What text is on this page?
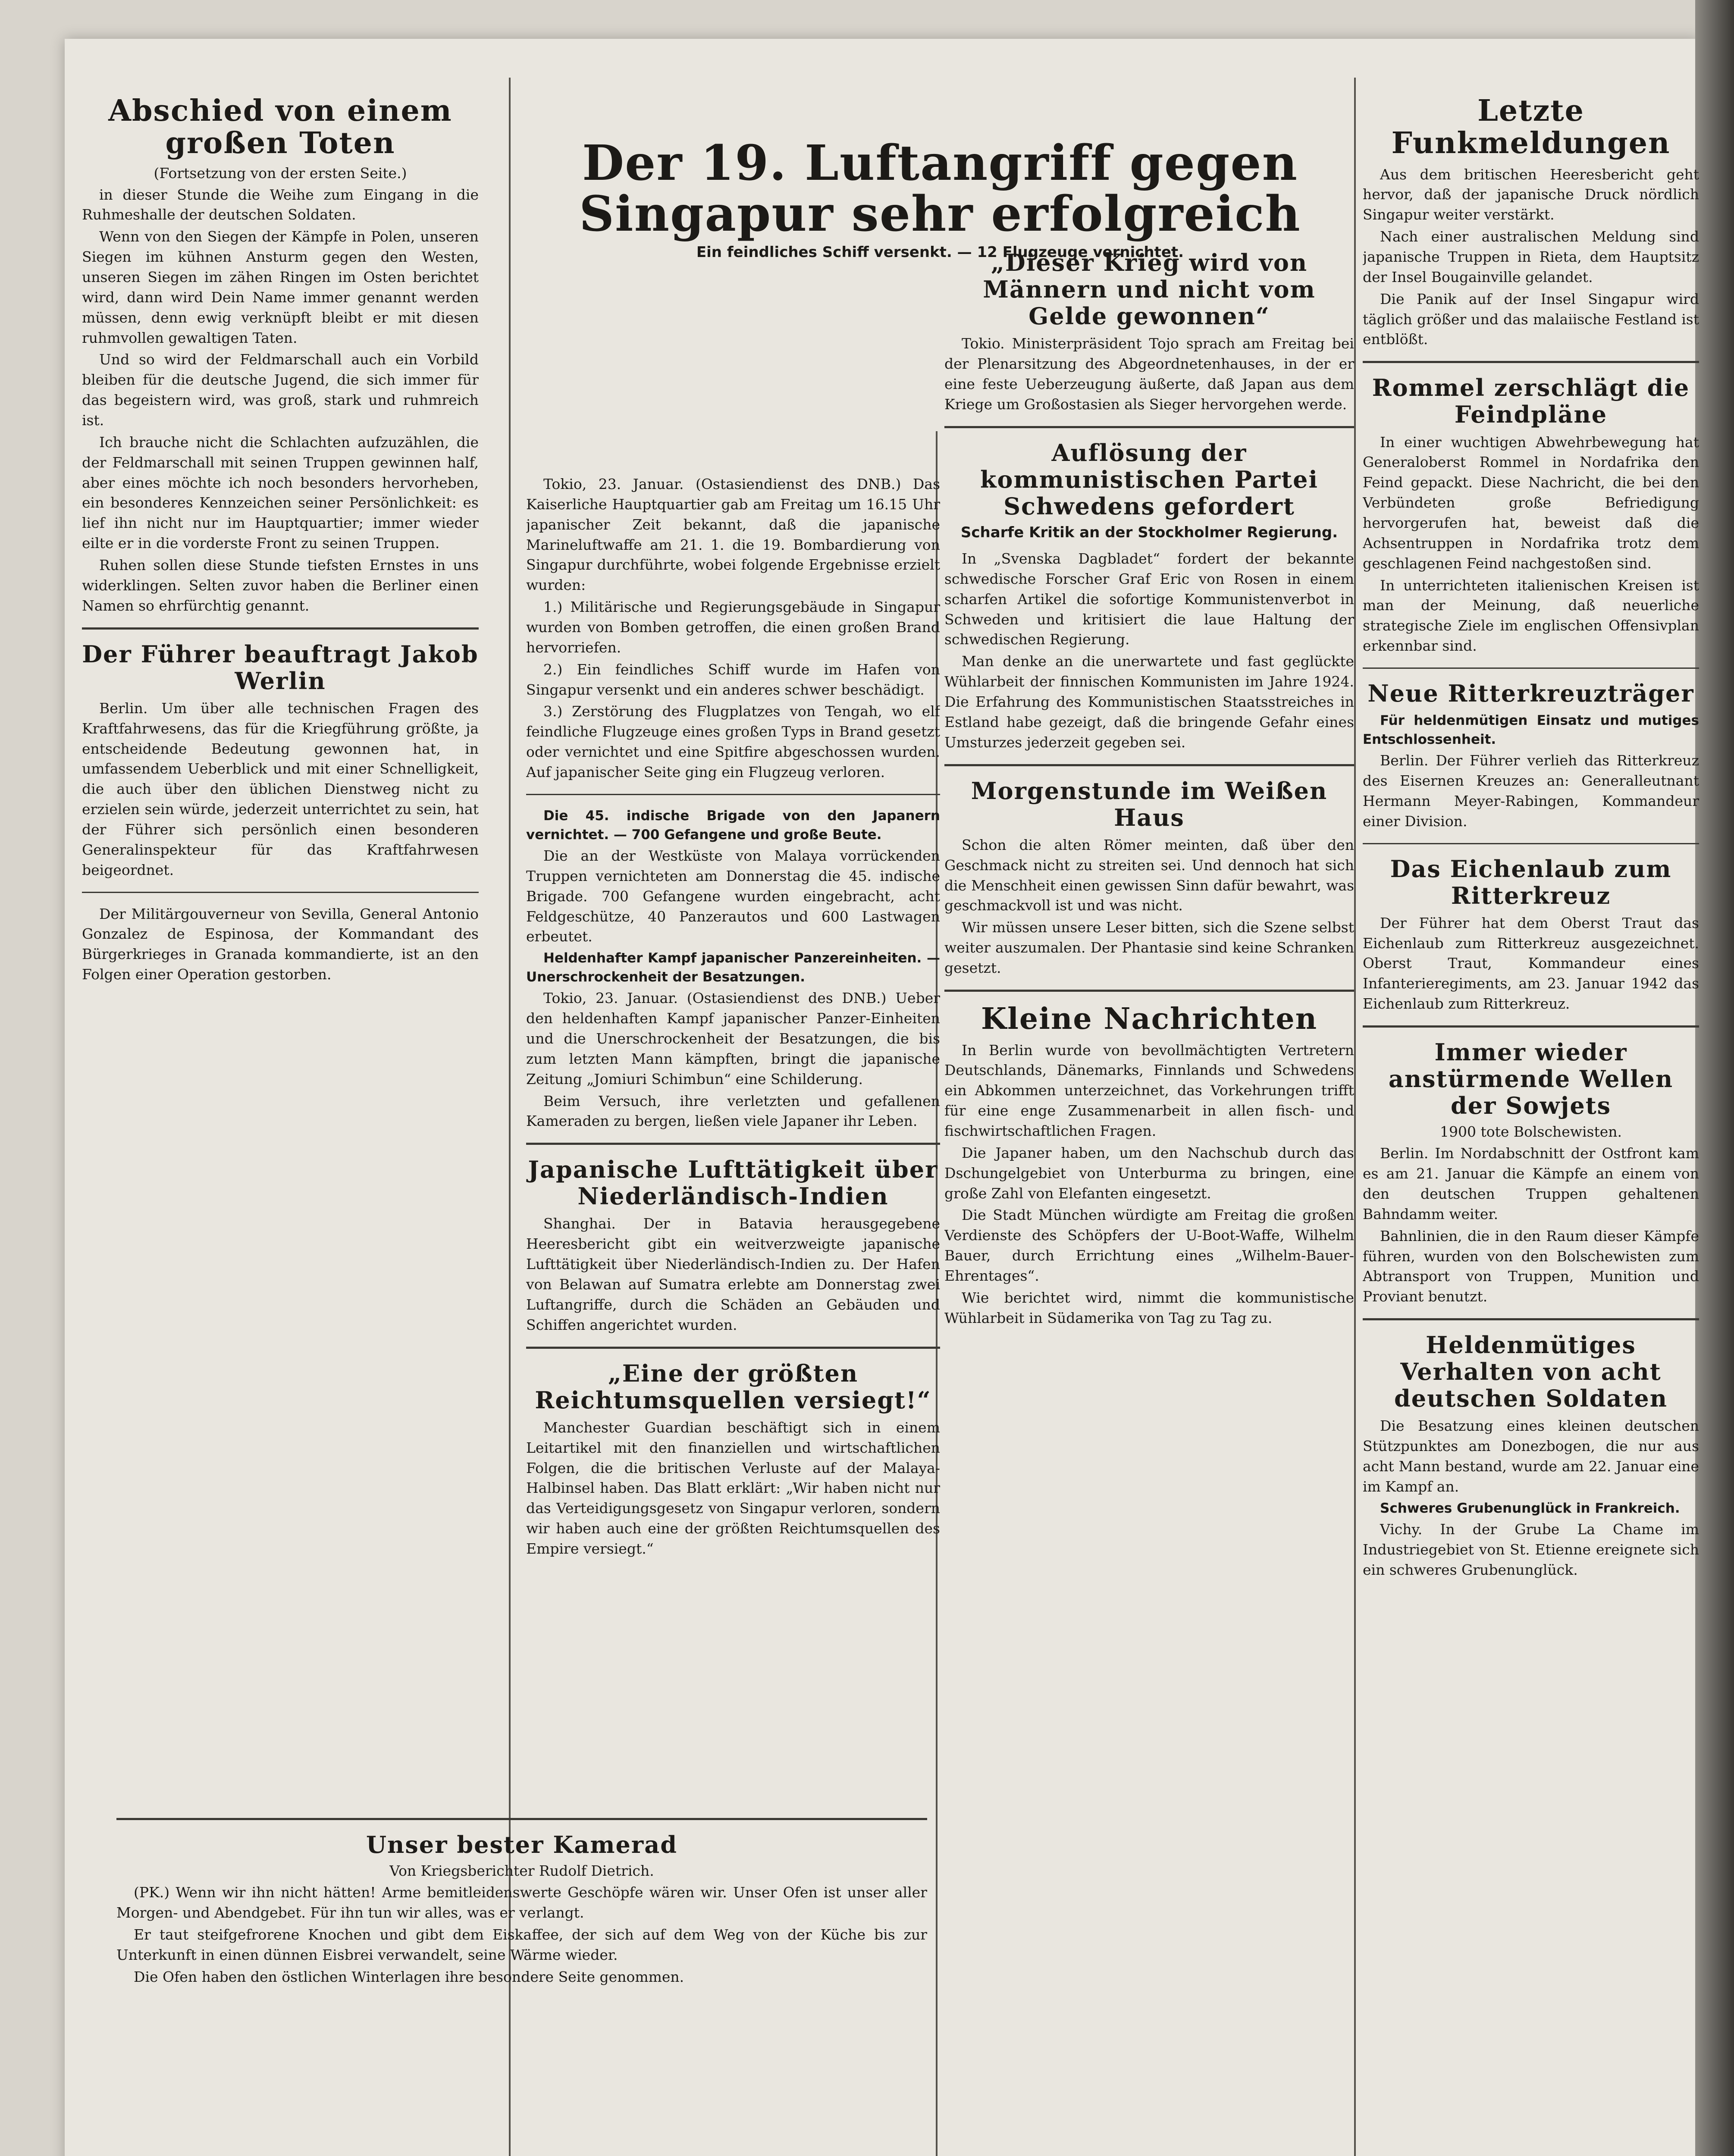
Abschied von einem großen Toten
(Fortsetzung von der ersten Seite.)

in dieser Stunde die Weihe zum Eingang in die Ruhmeshalle der deutschen Soldaten.

Wenn von den Siegen der Kämpfe in Polen, unseren Siegen im kühnen Ansturm gegen den Westen, unseren Siegen im zähen Ringen im Osten berichtet wird, dann wird Dein Name immer genannt werden müssen, denn ewig verknüpft bleibt er mit diesen ruhmvollen gewaltigen Taten.

Und so wird der Feldmarschall auch ein Vorbild bleiben für die deutsche Jugend, die sich immer für das begeistern wird, was groß, stark und ruhmreich ist.

Ich brauche nicht die Schlachten aufzuzählen, die der Feldmarschall mit seinen Truppen gewinnen half, aber eines möchte ich noch besonders hervorheben, ein besonderes Kennzeichen seiner Persönlichkeit: es lief ihn nicht nur im Hauptquartier; immer wieder eilte er in die vorderste Front zu seinen Truppen.

Ruhen sollen diese Stunde tiefsten Ernstes in uns widerklingen. Selten zuvor haben die Berliner einen Namen so ehrfürchtig genannt.

Der Führer beauftragt Jakob Werlin

Berlin. Um über alle technischen Fragen des Kraftfahrwesens, das für die Kriegführung größte, ja entscheidende Bedeutung gewonnen hat, in umfassendem Ueberblick und mit einer Schnelligkeit, die auch über den üblichen Dienstweg nicht zu erzielen sein würde, jederzeit unterrichtet zu sein, hat der Führer sich persönlich einen besonderen Generalinspekteur für das Kraftfahrwesen beigeordnet.

Der Militärgouverneur von Sevilla, General Antonio Gonzalez de Espinosa, der Kommandant des Bürgerkrieges in Granada kommandierte, ist an den Folgen einer Operation gestorben.

Der 19. Luftangriff gegen Singapur sehr erfolgreich
Ein feindliches Schiff versenkt. — 12 Flugzeuge vernichtet.

Tokio, 23. Januar. (Ostasiendienst des DNB.) Das Kaiserliche Hauptquartier gab am Freitag um 16.15 Uhr japanischer Zeit bekannt, daß die japanische Marineluftwaffe am 21. 1. die 19. Bombardierung von Singapur durchführte, wobei folgende Ergebnisse erzielt wurden:

1.) Militärische und Regierungsgebäude in Singapur wurden von Bomben getroffen, die einen großen Brand hervorriefen.

2.) Ein feindliches Schiff wurde im Hafen von Singapur versenkt und ein anderes schwer beschädigt.

3.) Zerstörung des Flugplatzes von Tengah, wo elf feindliche Flugzeuge eines großen Typs in Brand gesetzt oder vernichtet und eine Spitfire abgeschossen wurden. Auf japanischer Seite ging ein Flugzeug verloren.

Die 45. indische Brigade von den Japanern vernichtet. — 700 Gefangene und große Beute.

Die an der Westküste von Malaya vorrückenden Truppen vernichteten am Donnerstag die 45. indische Brigade. 700 Gefangene wurden eingebracht, acht Feldgeschütze, 40 Panzerautos und 600 Lastwagen erbeutet.

Heldenhafter Kampf japanischer Panzereinheiten. — Unerschrockenheit der Besatzungen.

Tokio, 23. Januar. (Ostasiendienst des DNB.) Ueber den heldenhaften Kampf japanischer Panzer-Einheiten und die Unerschrockenheit der Besatzungen, die bis zum letzten Mann kämpften, bringt die japanische Zeitung „Jomiuri Schimbun“ eine Schilderung.

Beim Versuch, ihre verletzten und gefallenen Kameraden zu bergen, ließen viele Japaner ihr Leben.

Japanische Lufttätigkeit über Niederländisch-Indien

Shanghai. Der in Batavia herausgegebene Heeresbericht gibt ein weitverzweigte japanische Lufttätigkeit über Niederländisch-Indien zu. Der Hafen von Belawan auf Sumatra erlebte am Donnerstag zwei Luftangriffe, durch die Schäden an Gebäuden und Schiffen angerichtet wurden.

„Eine der größten Reichtumsquellen versiegt!“

Manchester Guardian beschäftigt sich in einem Leitartikel mit den finanziellen und wirtschaftlichen Folgen, die die britischen Verluste auf der Malaya-Halbinsel haben. Das Blatt erklärt: „Wir haben nicht nur das Verteidigungsgesetz von Singapur verloren, sondern wir haben auch eine der größten Reichtumsquellen des Empire versiegt.“

Unser bester Kamerad
Von Kriegsberichter Rudolf Dietrich.

(PK.) Wenn wir ihn nicht hätten! Arme bemitleidenswerte Geschöpfe wären wir. Unser Ofen ist unser aller Morgen- und Abendgebet. Für ihn tun wir alles, was er verlangt.

Er taut steifgefrorene Knochen und gibt dem Eiskaffee, der sich auf dem Weg von der Küche bis zur Unterkunft in einen dünnen Eisbrei verwandelt, seine Wärme wieder.

Die Ofen haben den östlichen Winterlagen ihre besondere Seite genommen.

„Dieser Krieg wird von Männern und nicht vom Gelde gewonnen“

Tokio. Ministerpräsident Tojo sprach am Freitag bei der Plenarsitzung des Abgeordnetenhauses, in der er eine feste Ueberzeugung äußerte, daß Japan aus dem Kriege um Großostasien als Sieger hervorgehen werde.

Auflösung der kommunistischen Partei Schwedens gefordert
Scharfe Kritik an der Stockholmer Regierung.

In „Svenska Dagbladet“ fordert der bekannte schwedische Forscher Graf Eric von Rosen in einem scharfen Artikel die sofortige Kommunistenverbot in Schweden und kritisiert die laue Haltung der schwedischen Regierung.

Man denke an die unerwartete und fast geglückte Wühlarbeit der finnischen Kommunisten im Jahre 1924. Die Erfahrung des Kommunistischen Staatsstreiches in Estland habe gezeigt, daß die bringende Gefahr eines Umsturzes jederzeit gegeben sei.

Morgenstunde im Weißen Haus

Schon die alten Römer meinten, daß über den Geschmack nicht zu streiten sei. Und dennoch hat sich die Menschheit einen gewissen Sinn dafür bewahrt, was geschmackvoll ist und was nicht.

Wir müssen unsere Leser bitten, sich die Szene selbst weiter auszumalen. Der Phantasie sind keine Schranken gesetzt.

Kleine Nachrichten

In Berlin wurde von bevollmächtigten Vertretern Deutschlands, Dänemarks, Finnlands und Schwedens ein Abkommen unterzeichnet, das Vorkehrungen trifft für eine enge Zusammenarbeit in allen fisch- und fischwirtschaftlichen Fragen.

Die Japaner haben, um den Nachschub durch das Dschungelgebiet von Unterburma zu bringen, eine große Zahl von Elefanten eingesetzt.

Die Stadt München würdigte am Freitag die großen Verdienste des Schöpfers der U-Boot-Waffe, Wilhelm Bauer, durch Errichtung eines „Wilhelm-Bauer-Ehrentages“.

Wie berichtet wird, nimmt die kommunistische Wühlarbeit in Südamerika von Tag zu Tag zu.

Letzte Funkmeldungen

Aus dem britischen Heeresbericht geht hervor, daß der japanische Druck nördlich Singapur weiter verstärkt.

Nach einer australischen Meldung sind japanische Truppen in Rieta, dem Hauptsitz der Insel Bougainville gelandet.

Die Panik auf der Insel Singapur wird täglich größer und das malaiische Festland ist entblößt.

Rommel zerschlägt die Feindpläne

In einer wuchtigen Abwehrbewegung hat Generaloberst Rommel in Nordafrika den Feind gepackt. Diese Nachricht, die bei den Verbündeten große Befriedigung hervorgerufen hat, beweist daß die Achsentruppen in Nordafrika trotz dem geschlagenen Feind nachgestoßen sind.

In unterrichteten italienischen Kreisen ist man der Meinung, daß neuerliche strategische Ziele im englischen Offensivplan erkennbar sind.

Neue Ritterkreuzträger

Für heldenmütigen Einsatz und mutiges Entschlossenheit.

Berlin. Der Führer verlieh das Ritterkreuz des Eisernen Kreuzes an: Generalleutnant Hermann Meyer-Rabingen, Kommandeur einer Division.

Das Eichenlaub zum Ritterkreuz

Der Führer hat dem Oberst Traut das Eichenlaub zum Ritterkreuz ausgezeichnet. Oberst Traut, Kommandeur eines Infanterieregiments, am 23. Januar 1942 das Eichenlaub zum Ritterkreuz.

Immer wieder anstürmende Wellen der Sowjets
1900 tote Bolschewisten.

Berlin. Im Nordabschnitt der Ostfront kam es am 21. Januar die Kämpfe an einem von den deutschen Truppen gehaltenen Bahndamm weiter.

Bahnlinien, die in den Raum dieser Kämpfe führen, wurden von den Bolschewisten zum Abtransport von Truppen, Munition und Proviant benutzt.

Heldenmütiges Verhalten von acht deutschen Soldaten

Die Besatzung eines kleinen deutschen Stützpunktes am Donezbogen, die nur aus acht Mann bestand, wurde am 22. Januar eine im Kampf an.

Schweres Grubenunglück in Frankreich.

Vichy. In der Grube La Chame im Industriegebiet von St. Etienne ereignete sich ein schweres Grubenunglück.
